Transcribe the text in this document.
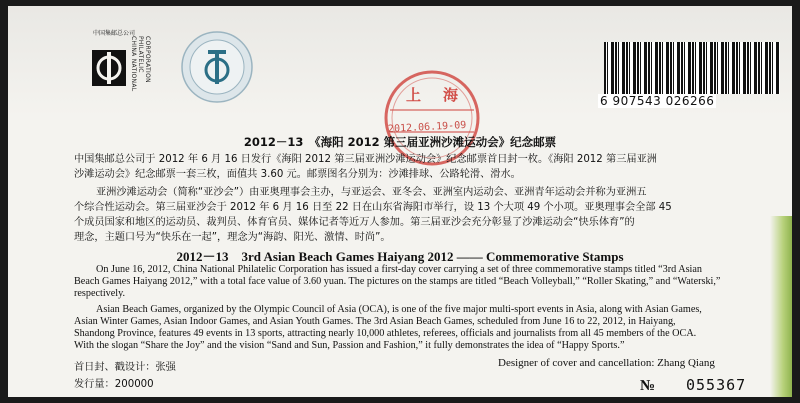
中国集邮总公司
CHINA NATIONAL PHILATELIC CORPORATION
6 907543 026266
上海
2012.06.19-09
2012－13　《海阳 2012 第三届亚洲沙滩运动会》纪念邮票
中国集邮总公司于 2012 年 6 月 16 日发行《海阳 2012 第三届亚洲沙滩运动会》纪念邮票首日封一枚。《海阳 2012 第三届亚洲
沙滩运动会》纪念邮票一套三枚，面值共 3.60 元。邮票图名分别为：沙滩排球、公路轮滑、滑水。
亚洲沙滩运动会（简称“亚沙会”）由亚奥理事会主办，与亚运会、亚冬会、亚洲室内运动会、亚洲青年运动会并称为亚洲五
个综合性运动会。第三届亚沙会于 2012 年 6 月 16 日至 22 日在山东省海阳市举行，设 13 个大项 49 个小项。亚奥理事会全部 45
个成员国家和地区的运动员、裁判员、体育官员、媒体记者等近万人参加。第三届亚沙会充分彰显了沙滩运动会“快乐体育”的
理念，主题口号为“快乐在一起”，理念为“海韵、阳光、激情、时尚”。
2012－13　3rd Asian Beach Games Haiyang 2012 —— Commemorative Stamps
On June 16, 2012, China National Philatelic Corporation has issued a first-day cover carrying a set of three commemorative stamps titled “3rd Asian
Beach Games Haiyang 2012,” with a total face value of 3.60 yuan. The pictures on the stamps are titled “Beach Volleyball,” “Roller Skating,” and “Waterski,”
respectively.
Asian Beach Games, organized by the Olympic Council of Asia (OCA), is one of the five major multi-sport events in Asia, along with Asian Games,
Asian Winter Games, Asian Indoor Games, and Asian Youth Games. The 3rd Asian Beach Games, scheduled from June 16 to 22, 2012, in Haiyang,
Shandong Province, features 49 events in 13 sports, attracting nearly 10,000 athletes, referees, officials and journalists from all 45 members of the OCA.
With the slogan “Share the Joy” and the vision “Sand and Sun, Passion and Fashion,” it fully demonstrates the idea of “Happy Sports.”
首日封、戳设计：张强
发行量：200000
Designer of cover and cancellation: Zhang Qiang
№ 055367
